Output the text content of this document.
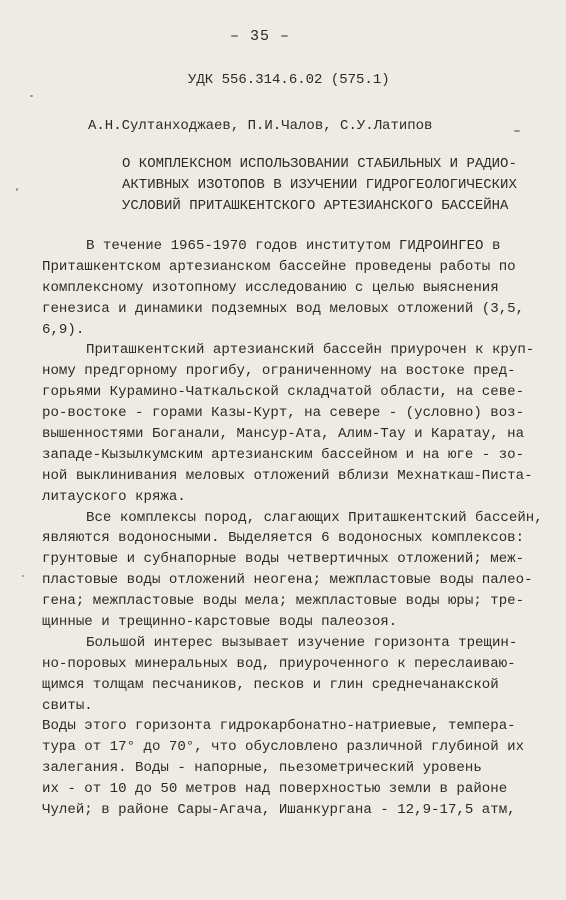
– 35 –
УДК 556.314.6.02 (575.1)
А.Н.Султанходжаев, П.И.Чалов, С.У.Латипов
О КОМПЛЕКСНОМ ИСПОЛЬЗОВАНИИ СТАБИЛЬНЫХ И РАДИО-
АКТИВНЫХ ИЗОТОПОВ В ИЗУЧЕНИИ ГИДРОГЕОЛОГИЧЕСКИХ
УСЛОВИЙ ПРИТАШКЕНТСКОГО АРТЕЗИАНСКОГО БАССЕЙНА
В течение 1965-1970 годов институтом ГИДРОИНГЕО в
Приташкентском артезианском бассейне проведены работы по
комплексному изотопному исследованию с целью выяснения
генезиса и динамики подземных вод меловых отложений (3,5,
6,9).
Приташкентский артезианский бассейн приурочен к круп-
ному предгорному прогибу, ограниченному на востоке пред-
горьями Курамино-Чаткальской складчатой области, на севе-
ро-востоке - горами Казы-Курт, на севере - (условно) воз-
вышенностями Боганали, Мансур-Ата, Алим-Тау и Каратау, на
западе-Кызылкумским артезианским бассейном и на юге - зо-
ной выклинивания меловых отложений вблизи Мехнаткаш-Писта-
литауского кряжа.
Все комплексы пород, слагающих Приташкентский бассейн,
являются водоносными. Выделяется 6 водоносных комплексов:
грунтовые и субнапорные воды четвертичных отложений; меж-
пластовые воды отложений неогена; межпластовые воды палео-
гена; межпластовые воды мела; межпластовые воды юры; тре-
щинные и трещинно-карстовые воды палеозоя.
Большой интерес вызывает изучение горизонта трещин-
но-поровых минеральных вод, приуроченного к переслаиваю-
щимся толщам песчаников, песков и глин среднечанакской
свиты.
Воды этого горизонта гидрокарбонатно-натриевые, темпера-
тура от 17° до 70°, что обусловлено различной глубиной их
залегания. Воды - напорные, пьезометрический уровень
их - от 10 до 50 метров над поверхностью земли в районе
Чулей; в районе Сары-Агача, Ишанкургана - 12,9-17,5 атм,
